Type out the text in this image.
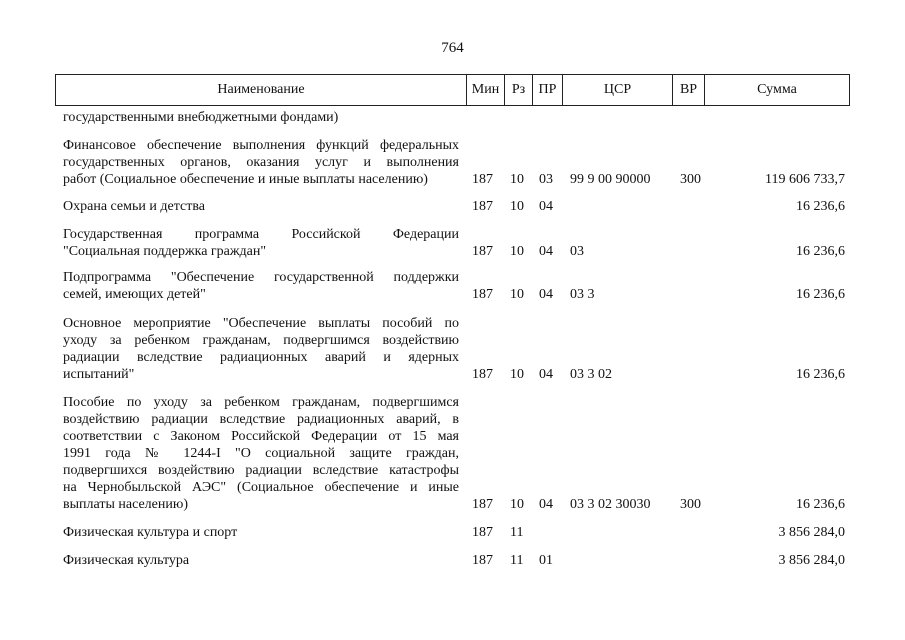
764
Наименование	Мин Рз ПР	ЦСР	ВР	Сумма
государственными внебюджетными фондами)
Финансовое обеспечение выполнения функций федеральных
государственных органов, оказания услуг и выполнения
работ (Социальное обеспечение и иные выплаты населению)	187	10	03	99 9 00 90000	300	119 606 733,7
Охрана семьи и детства	187	10	04	16 236,6
Государственная программа Российской Федерации
"Социальная поддержка граждан"	187	10	04	03	16 236,6
Подпрограмма "Обеспечение государственной поддержки
семей, имеющих детей"	187	10	04	03 3	16 236,6
Основное мероприятие "Обеспечение выплаты пособий по
уходу за ребенком гражданам, подвергшимся воздействию
радиации вследствие радиационных аварий и ядерных
испытаний"	187	10	04	03 3 02	16 236,6
Пособие по уходу за ребенком гражданам, подвергшимся
воздействию радиации вследствие радиационных аварий, в
соответствии с Законом Российской Федерации от 15 мая
1991 года № 1244-I "О социальной защите граждан,
подвергшихся воздействию радиации вследствие катастрофы
на Чернобыльской АЭС" (Социальное обеспечение и иные
выплаты населению)	187	10	04	03 3 02 30030	300	16 236,6
Физическая культура и спорт	187	11	3 856 284,0
Физическая культура	187	11	01	3 856 284,0
